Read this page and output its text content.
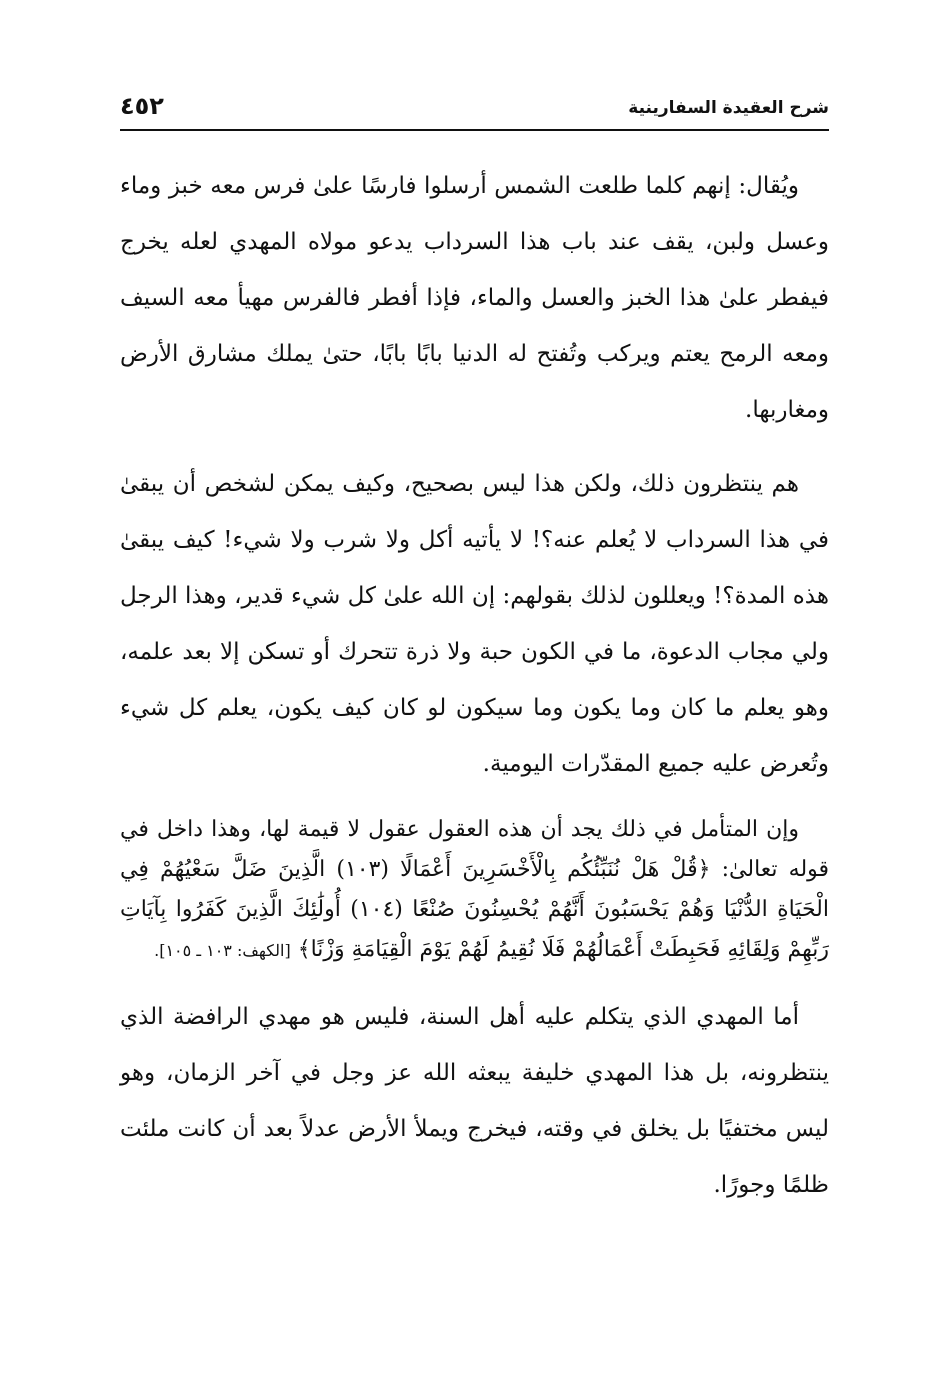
شرح العقيدة السفارينية
٤٥٢

ويُقال: إنهم كلما طلعت الشمس أرسلوا فارسًا علىٰ فرس معه خبز وماء وعسل ولبن، يقف عند باب هذا السرداب يدعو مولاه المهدي لعله يخرج فيفطر علىٰ هذا الخبز والعسل والماء، فإذا أفطر فالفرس مهيأ معه السيف ومعه الرمح يعتم ويركب وتُفتح له الدنيا بابًا بابًا، حتىٰ يملك مشارق الأرض ومغاربها.

هم ينتظرون ذلك، ولكن هذا ليس بصحيح، وكيف يمكن لشخص أن يبقىٰ في هذا السرداب لا يُعلم عنه؟! لا يأتيه أكل ولا شرب ولا شيء! كيف يبقىٰ هذه المدة؟! ويعللون لذلك بقولهم: إن الله علىٰ كل شيء قدير، وهذا الرجل ولي مجاب الدعوة، ما في الكون حبة ولا ذرة تتحرك أو تسكن إلا بعد علمه، وهو يعلم ما كان وما يكون وما سيكون لو كان كيف يكون، يعلم كل شيء وتُعرض عليه جميع المقدّرات اليومية.

وإن المتأمل في ذلك يجد أن هذه العقول عقول لا قيمة لها، وهذا داخل في قوله تعالىٰ: ﴿قُلْ هَلْ نُنَبِّئُكُم بِالْأَخْسَرِينَ أَعْمَالًا (١٠٣) الَّذِينَ ضَلَّ سَعْيُهُمْ فِي الْحَيَاةِ الدُّنْيَا وَهُمْ يَحْسَبُونَ أَنَّهُمْ يُحْسِنُونَ صُنْعًا (١٠٤) أُولَٰئِكَ الَّذِينَ كَفَرُوا بِآيَاتِ رَبِّهِمْ وَلِقَائِهِ فَحَبِطَتْ أَعْمَالُهُمْ فَلَا نُقِيمُ لَهُمْ يَوْمَ الْقِيَامَةِ وَزْنًا﴾ [الكهف: ١٠٣ ـ ١٠٥].

أما المهدي الذي يتكلم عليه أهل السنة، فليس هو مهدي الرافضة الذي ينتظرونه، بل هذا المهدي خليفة يبعثه الله عز وجل في آخر الزمان، وهو ليس مختفيًا بل يخلق في وقته، فيخرج ويملأ الأرض عدلاً بعد أن كانت ملئت ظلمًا وجورًا.
